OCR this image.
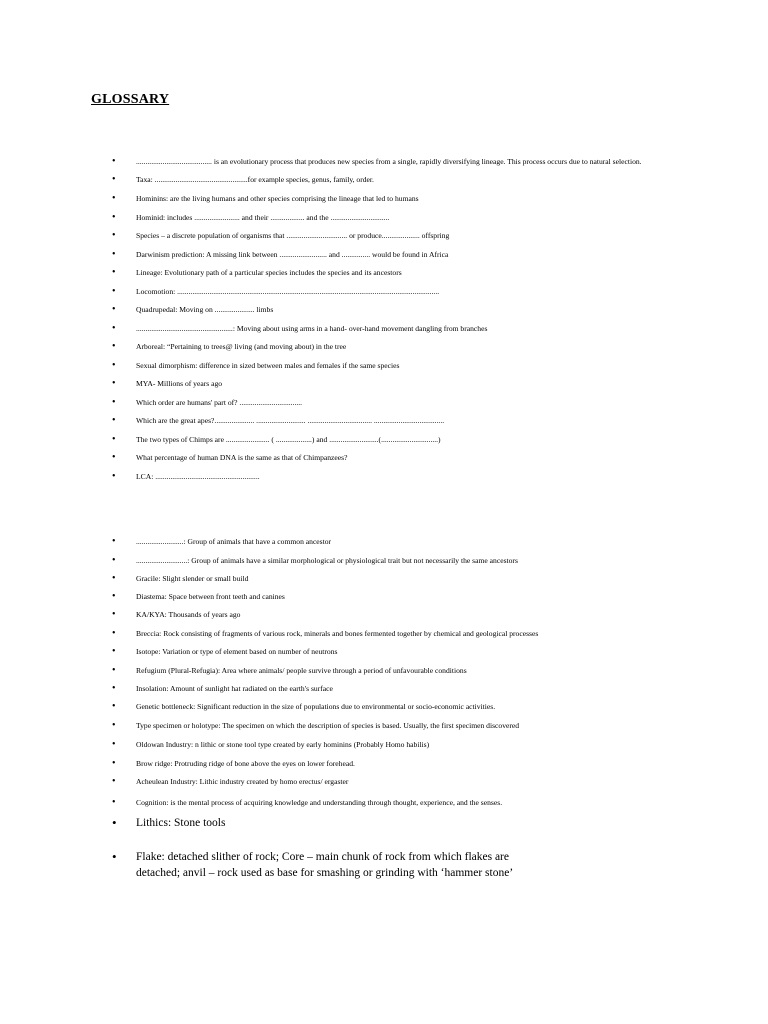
GLOSSARY
•	........................................ is an evolutionary process that produces new species from a single, rapidly diversifying lineage. This process occurs due to natural selection.
•	Taxa: .................................................for example species, genus, family, order.
•	Hominins: are the living humans and other species comprising the lineage that led to humans
•	Hominid: includes ........................ and their .................. and the ...............................
•	Species – a discrete population of organisms that ................................ or produce.................... offspring
•	Darwinism prediction: A missing link between ......................... and ............... would be found in Africa
•	Lineage: Evolutionary path of a particular species includes the species and its ancestors
•	Locomotion: ..........................................................................................................................................
•	Quadrupedal: Moving on ..................... limbs
•	...................................................: Moving about using arms in a hand- over-hand movement dangling from branches
•	Arboreal: “Pertaining to trees@ living (and moving about) in the tree
•	Sexual dimorphism: difference in sized between males and females if the same species
•	MYA- Millions of years ago
•	Which order are humans' part of? .................................
•	Which are the great apes?..................... .......................... .................................. .....................................
•	The two types of Chimps are ....................... ( ...................) and ..........................(..............................)
•	What percentage of human DNA is the same as that of Chimpanzees?
•	LCA: .......................................................
•	.........................: Group of animals that have a common ancestor
•	...........................: Group of animals have a similar morphological or physiological trait but not necessarily the same ancestors
•	Gracile: Slight slender or small build
•	Diastema: Space between front teeth and canines
•	KA/KYA: Thousands of years ago
•	Breccia: Rock consisting of fragments of various rock, minerals and bones fermented together by chemical and geological processes
•	Isotope: Variation or type of element based on number of neutrons
•	Refugium (Plural-Refugia): Area where animals/ people survive through a period of unfavourable conditions
•	Insolation: Amount of sunlight hat radiated on the earth's surface
•	Genetic bottleneck: Significant reduction in the size of populations due to environmental or socio-economic activities.
•	Type specimen or holotype: The specimen on which the description of species is based. Usually, the first specimen discovered
•	Oldowan Industry: n lithic or stone tool type created by early hominins (Probably Homo habilis)
•	Brow ridge: Protruding ridge of bone above the eyes on lower forehead.
•	Acheulean Industry: Lithic industry created by homo erectus/ ergaster
•	Cognition: is the mental process of acquiring knowledge and understanding through thought, experience, and the senses.
• Lithics: Stone tools
• Flake: detached slither of rock; Core – main chunk of rock from which flakes are detached; anvil – rock used as base for smashing or grinding with ‘hammer stone’
